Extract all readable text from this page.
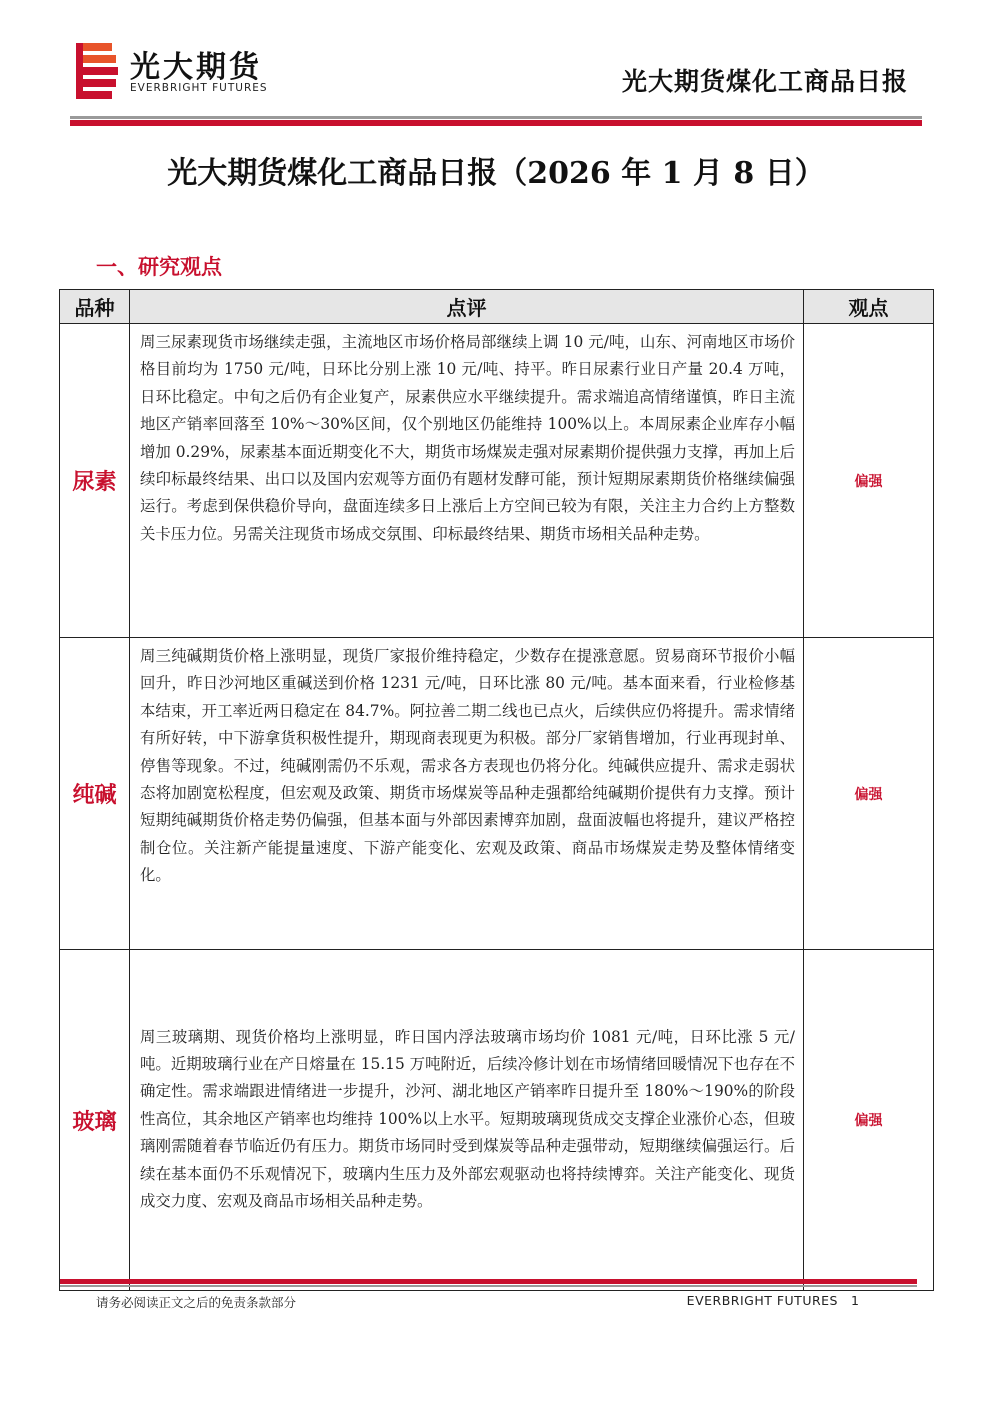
光大期货
EVERBRIGHT FUTURES	光大期货煤化工商品日报
光大期货煤化工商品日报（2026 年 1 月 8 日）
一、研究观点
品种	点评	观点
尿素	周三尿素现货市场继续走强，主流地区市场价格局部继续上调 10 元/吨，山东、河南地区市场价格目前均为 1750 元/吨，日环比分别上涨 10 元/吨、持平。昨日尿素行业日产量 20.4 万吨，日环比稳定。中旬之后仍有企业复产，尿素供应水平继续提升。需求端追高情绪谨慎，昨日主流地区产销率回落至 10%～30%区间，仅个别地区仍能维持 100%以上。本周尿素企业库存小幅增加 0.29%，尿素基本面近期变化不大，期货市场煤炭走强对尿素期价提供强力支撑，再加上后续印标最终结果、出口以及国内宏观等方面仍有题材发酵可能，预计短期尿素期货价格继续偏强运行。考虑到保供稳价导向，盘面连续多日上涨后上方空间已较为有限，关注主力合约上方整数关卡压力位。另需关注现货市场成交氛围、印标最终结果、期货市场相关品种走势。	偏强
纯碱	周三纯碱期货价格上涨明显，现货厂家报价维持稳定，少数存在提涨意愿。贸易商环节报价小幅回升，昨日沙河地区重碱送到价格 1231 元/吨，日环比涨 80 元/吨。基本面来看，行业检修基本结束，开工率近两日稳定在 84.7%。阿拉善二期二线也已点火，后续供应仍将提升。需求情绪有所好转，中下游拿货积极性提升，期现商表现更为积极。部分厂家销售增加，行业再现封单、停售等现象。不过，纯碱刚需仍不乐观，需求各方表现也仍将分化。纯碱供应提升、需求走弱状态将加剧宽松程度，但宏观及政策、期货市场煤炭等品种走强都给纯碱期价提供有力支撑。预计短期纯碱期货价格走势仍偏强，但基本面与外部因素博弈加剧，盘面波幅也将提升，建议严格控制仓位。关注新产能提量速度、下游产能变化、宏观及政策、商品市场煤炭走势及整体情绪变化。	偏强
玻璃	周三玻璃期、现货价格均上涨明显，昨日国内浮法玻璃市场均价 1081 元/吨，日环比涨 5 元/吨。近期玻璃行业在产日熔量在 15.15 万吨附近，后续冷修计划在市场情绪回暖情况下也存在不确定性。需求端跟进情绪进一步提升，沙河、湖北地区产销率昨日提升至 180%～190%的阶段性高位，其余地区产销率也均维持 100%以上水平。短期玻璃现货成交支撑企业涨价心态，但玻璃刚需随着春节临近仍有压力。期货市场同时受到煤炭等品种走强带动，短期继续偏强运行。后续在基本面仍不乐观情况下，玻璃内生压力及外部宏观驱动也将持续博弈。关注产能变化、现货成交力度、宏观及商品市场相关品种走势。	偏强
请务必阅读正文之后的免责条款部分	EVERBRIGHT FUTURES 1
